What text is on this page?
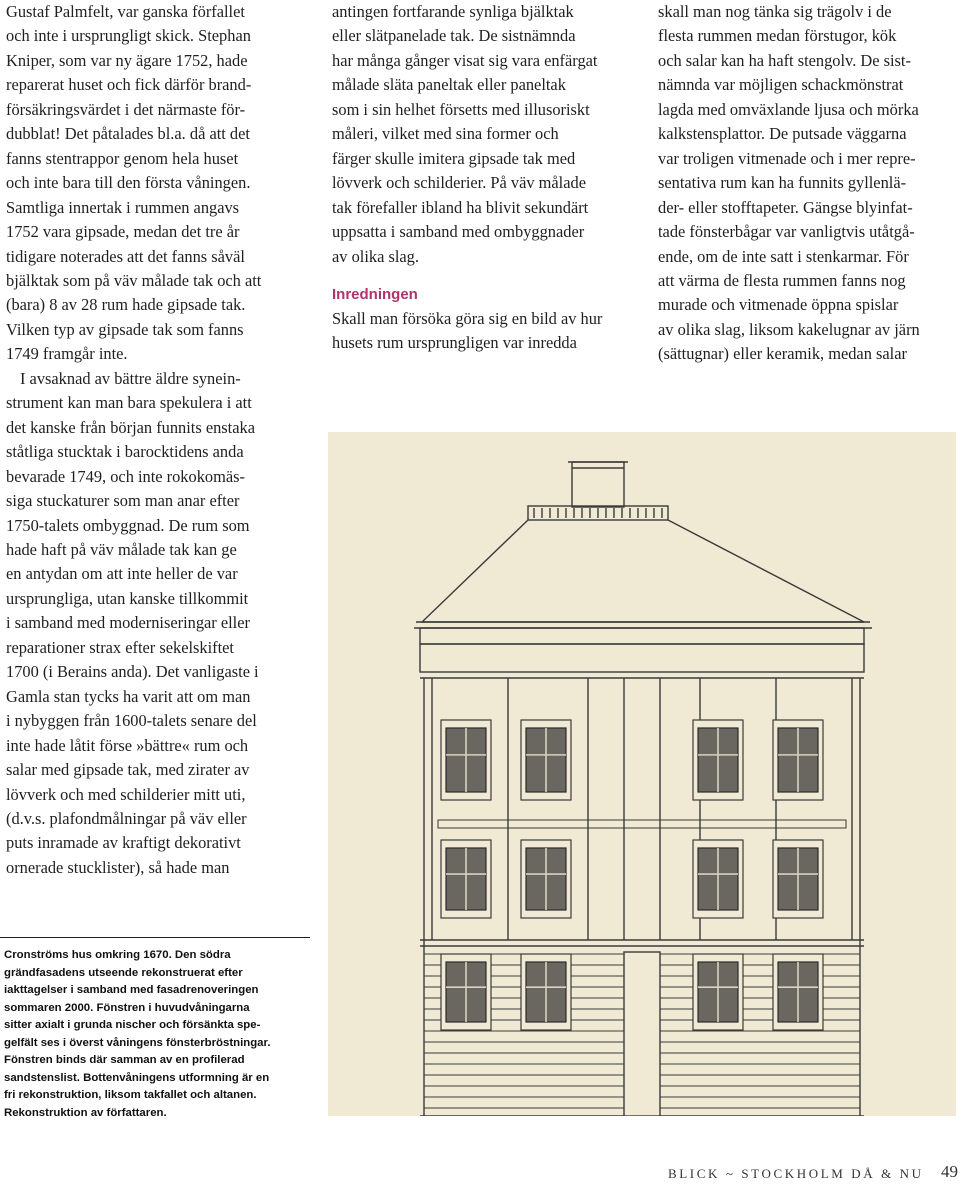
Gustaf Palmfelt, var ganska förfallet
och inte i ursprungligt skick. Stephan
Kniper, som var ny ägare 1752, hade
reparerat huset och fick därför brand-
försäkringsvärdet i det närmaste för-
dubblat! Det påtalades bl.a. då att det
fanns stentrappor genom hela huset
och inte bara till den första våningen.
Samtliga innertak i rummen angavs
1752 vara gipsade, medan det tre år
tidigare noterades att det fanns såväl
bjälktak som på väv målade tak och att
(bara) 8 av 28 rum hade gipsade tak.
Vilken typ av gipsade tak som fanns
1749 framgår inte.
I avsaknad av bättre äldre synein-
strument kan man bara spekulera i att
det kanske från början funnits enstaka
ståtliga stucktak i barocktidens anda
bevarade 1749, och inte rokokomäs-
siga stuckaturer som man anar efter
1750-talets ombyggnad. De rum som
hade haft på väv målade tak kan ge
en antydan om att inte heller de var
ursprungliga, utan kanske tillkommit
i samband med moderniseringar eller
reparationer strax efter sekelskiftet
1700 (i Berains anda). Det vanligaste i
Gamla stan tycks ha varit att om man
i nybyggen från 1600-talets senare del
inte hade låtit förse »bättre« rum och
salar med gipsade tak, med zirater av
lövverk och med schilderier mitt uti,
(d.v.s. plafondmålningar på väv eller
puts inramade av kraftigt dekorativt
ornerade stucklister), så hade man
antingen fortfarande synliga bjälktak
eller slätpanelade tak. De sistnämnda
har många gånger visat sig vara enfärgat
målade släta paneltak eller paneltak
som i sin helhet försetts med illusoriskt
måleri, vilket med sina former och
färger skulle imitera gipsade tak med
lövverk och schilderier. På väv målade
tak förefaller ibland ha blivit sekundärt
uppsatta i samband med ombyggnader
av olika slag.
Inredningen
Skall man försöka göra sig en bild av hur
husets rum ursprungligen var inredda
skall man nog tänka sig trägolv i de
flesta rummen medan förstugor, kök
och salar kan ha haft stengolv. De sist-
nämnda var möjligen schackmönstrat
lagda med omväxlande ljusa och mörka
kalkstensplattor. De putsade väggarna
var troligen vitmenade och i mer repre-
sentativa rum kan ha funnits gyllenlä-
der- eller stofftapeter. Gängse blyinfat-
tade fönsterbågar var vanligtvis utåtgå-
ende, om de inte satt i stenkarmar. För
att värma de flesta rummen fanns nog
murade och vitmenade öppna spislar
av olika slag, liksom kakelugnar av järn
(sättugnar) eller keramik, medan salar
Cronströms hus omkring 1670. Den södra
grändfasadens utseende rekonstruerat efter
iakttagelser i samband med fasadrenoveringen
sommaren 2000. Fönstren i huvudvåningarna
sitter axialt i grunda nischer och försänkta spe-
gelfält ses i överst våningens fönsterbröstningar.
Fönstren binds där samman av en profilerad
sandstenslist. Bottenvåningens utformning är en
fri rekonstruktion, liksom takfallet och altanen.
Rekonstruktion av författaren.
BLICK ~ STOCKHOLM DÅ & NU 49
